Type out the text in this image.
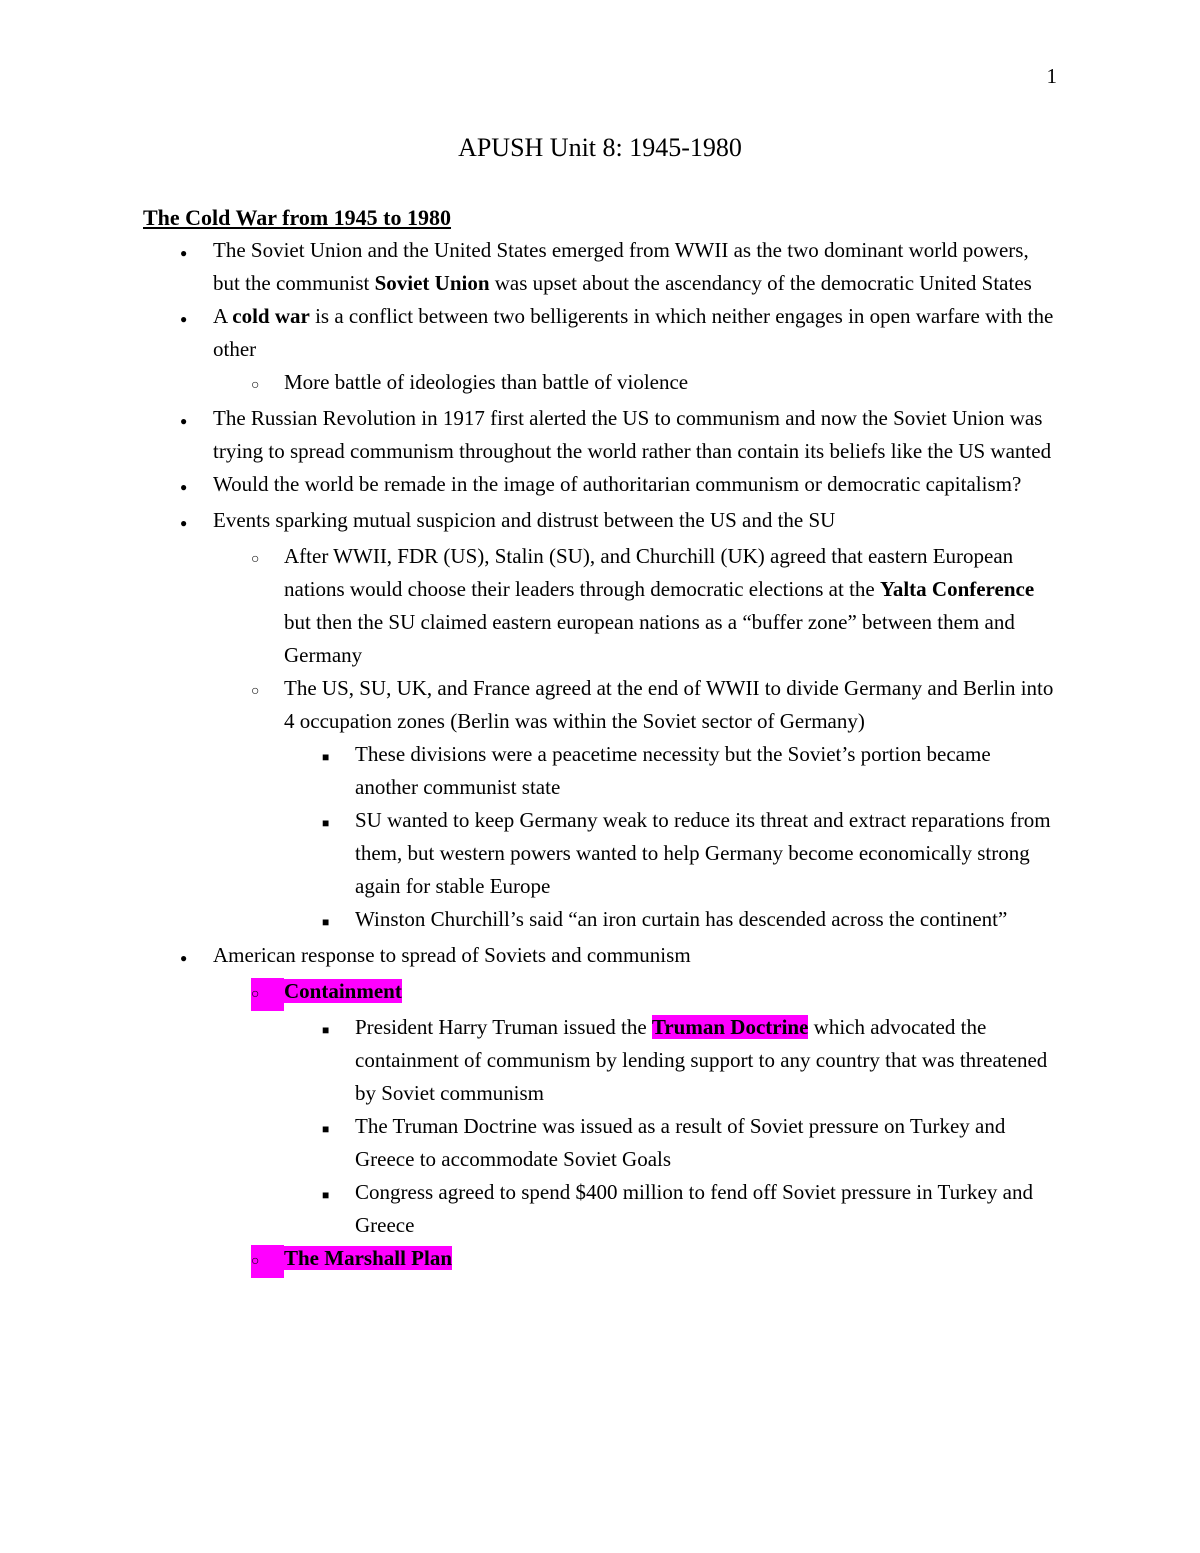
1
APUSH Unit 8: 1945-1980
The Cold War from 1945 to 1980
●	The Soviet Union and the United States emerged from WWII as the two dominant world powers, but the communist Soviet Union was upset about the ascendancy of the democratic United States
●	A cold war is a conflict between two belligerents in which neither engages in open warfare with the other
○	More battle of ideologies than battle of violence
●	The Russian Revolution in 1917 first alerted the US to communism and now the Soviet Union was trying to spread communism throughout the world rather than contain its beliefs like the US wanted
●	Would the world be remade in the image of authoritarian communism or democratic capitalism?
●	Events sparking mutual suspicion and distrust between the US and the SU
○	After WWII, FDR (US), Stalin (SU), and Churchill (UK) agreed that eastern European nations would choose their leaders through democratic elections at the Yalta Conference but then the SU claimed eastern european nations as a “buffer zone” between them and Germany
○	The US, SU, UK, and France agreed at the end of WWII to divide Germany and Berlin into 4 occupation zones (Berlin was within the Soviet sector of Germany)
■	These divisions were a peacetime necessity but the Soviet’s portion became another communist state
■	SU wanted to keep Germany weak to reduce its threat and extract reparations from them, but western powers wanted to help Germany become economically strong again for stable Europe
■	Winston Churchill’s said “an iron curtain has descended across the continent”
●	American response to spread of Soviets and communism
○	Containment
■	President Harry Truman issued the Truman Doctrine which advocated the containment of communism by lending support to any country that was threatened by Soviet communism
■	The Truman Doctrine was issued as a result of Soviet pressure on Turkey and Greece to accommodate Soviet Goals
■	Congress agreed to spend $400 million to fend off Soviet pressure in Turkey and Greece
○	The Marshall Plan
